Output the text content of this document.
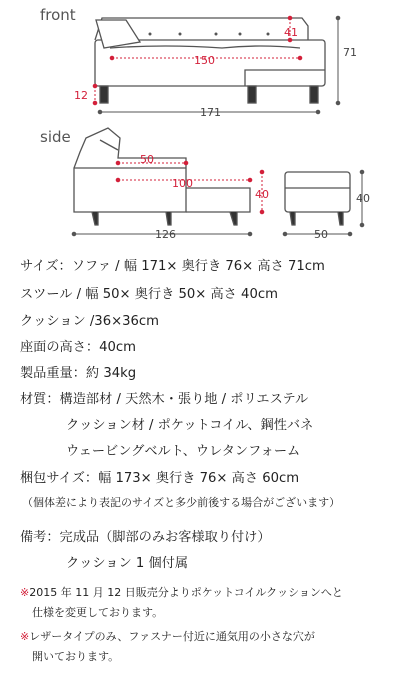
41
71
150
12
171
50
100
40
126
40
50
front
side
サイズ：ソファ / 幅 171× 奥行き 76× 高さ 71cm
スツール / 幅 50× 奥行き 50× 高さ 40cm
クッション /36×36cm
座面の高さ：40cm
製品重量：約 34kg
材質：構造部材 / 天然木・張り地 / ポリエステル
クッション材 / ポケットコイル、鋼性バネ
ウェービングベルト、ウレタンフォーム
梱包サイズ：幅 173× 奥行き 76× 高さ 60cm
（個体差により表記のサイズと多少前後する場合がございます）
備考：完成品（脚部のみお客様取り付け）
クッション 1 個付属
※2015 年 11 月 12 日販売分よりポケットコイルクッションへと
仕様を変更しております。
※レザータイプのみ、ファスナー付近に通気用の小さな穴が
開いております。
